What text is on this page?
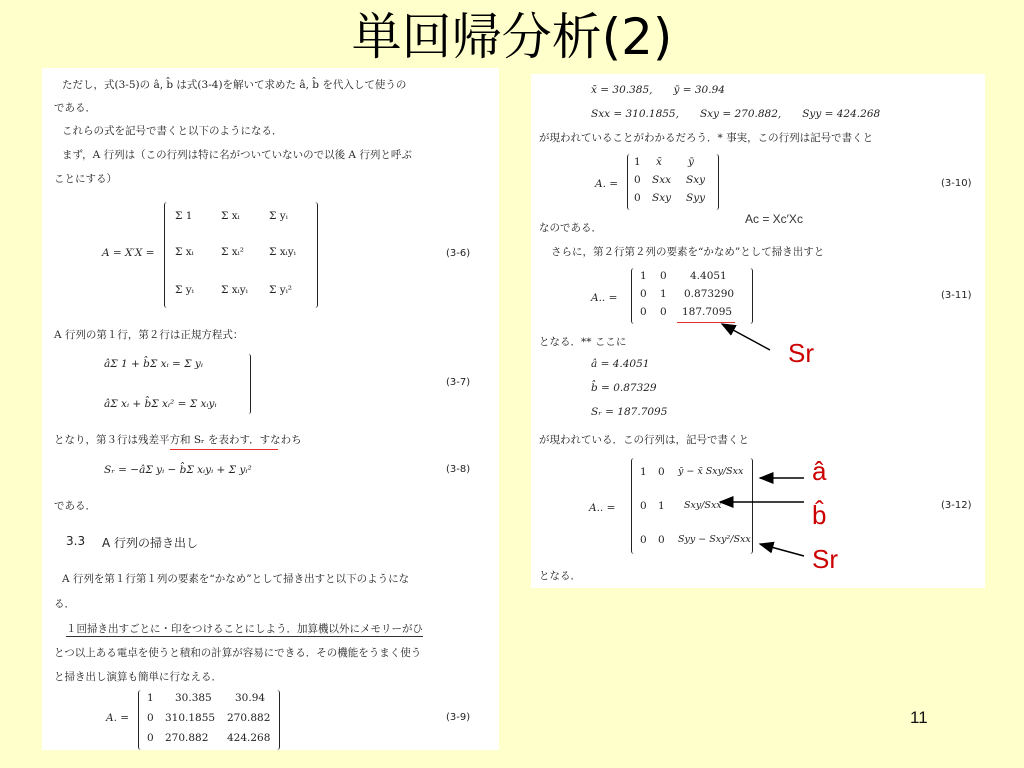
単回帰分析(2)
ただし，式(3-5)の â, b̂ は式(3-4)を解いて求めた â, b̂ を代入して使うの
である．
これらの式を記号で書くと以下のようになる．
まず，A 行列は（この行列は特に名がついていないので以後 A 行列と呼ぶ
ことにする）
A = X′X =
Σ 1	Σ xᵢ	Σ yᵢ
Σ xᵢ	Σ xᵢ² Σ xᵢyᵢ
Σ yᵢ	Σ xᵢyᵢ Σ yᵢ²
(3-6)
A 行列の第１行，第２行は正規方程式：
âΣ 1 + b̂Σ xᵢ = Σ yᵢ
âΣ xᵢ + b̂Σ xᵢ² = Σ xᵢyᵢ
(3-7)
となり，第３行は残差平方和 Sᵣ を表わす．すなわち
Sᵣ = −âΣ yᵢ − b̂Σ xᵢyᵢ + Σ yᵢ²	(3-8)
である．
3.3 A 行列の掃き出し
A 行列を第１行第１列の要素を“かなめ”として掃き出すと以下のようにな
る．
１回掃き出すごとに・印をつけることにしよう．加算機以外にメモリーがひ
とつ以上ある電卓を使うと積和の計算が容易にできる．その機能をうまく使う
と掃き出し演算も簡単に行なえる．
A. =
1 30.385 30.94
0 310.1855 270.882
0 270.882 424.268
(3-9)
x̄ = 30.385,　　ȳ = 30.94
Sxx = 310.1855,　　Sxy = 270.882,　　Syy = 424.268
が現われていることがわかるだろう．* 事実，この行列は記号で書くと
A. =
1 x̄ ȳ
0 Sxx Sxy
0 Sxy Syy
(3-10)
Ac = Xc′Xc
なのである．
さらに，第２行第２列の要素を“かなめ”として掃き出すと
A.. =
1 0 4.4051
0 1 0.873290
0 0 187.7095
(3-11)
となる．** ここに
â = 4.4051
b̂ = 0.87329
Sᵣ = 187.7095
が現われている．この行列は，記号で書くと
A.. =
1 0 ȳ − x̄ Sxy/Sxx
0 1 Sxy/Sxx
0 0 Syy − Sxy²/Sxx
(3-12)
となる．
Sr
â
b̂
Sr
11
